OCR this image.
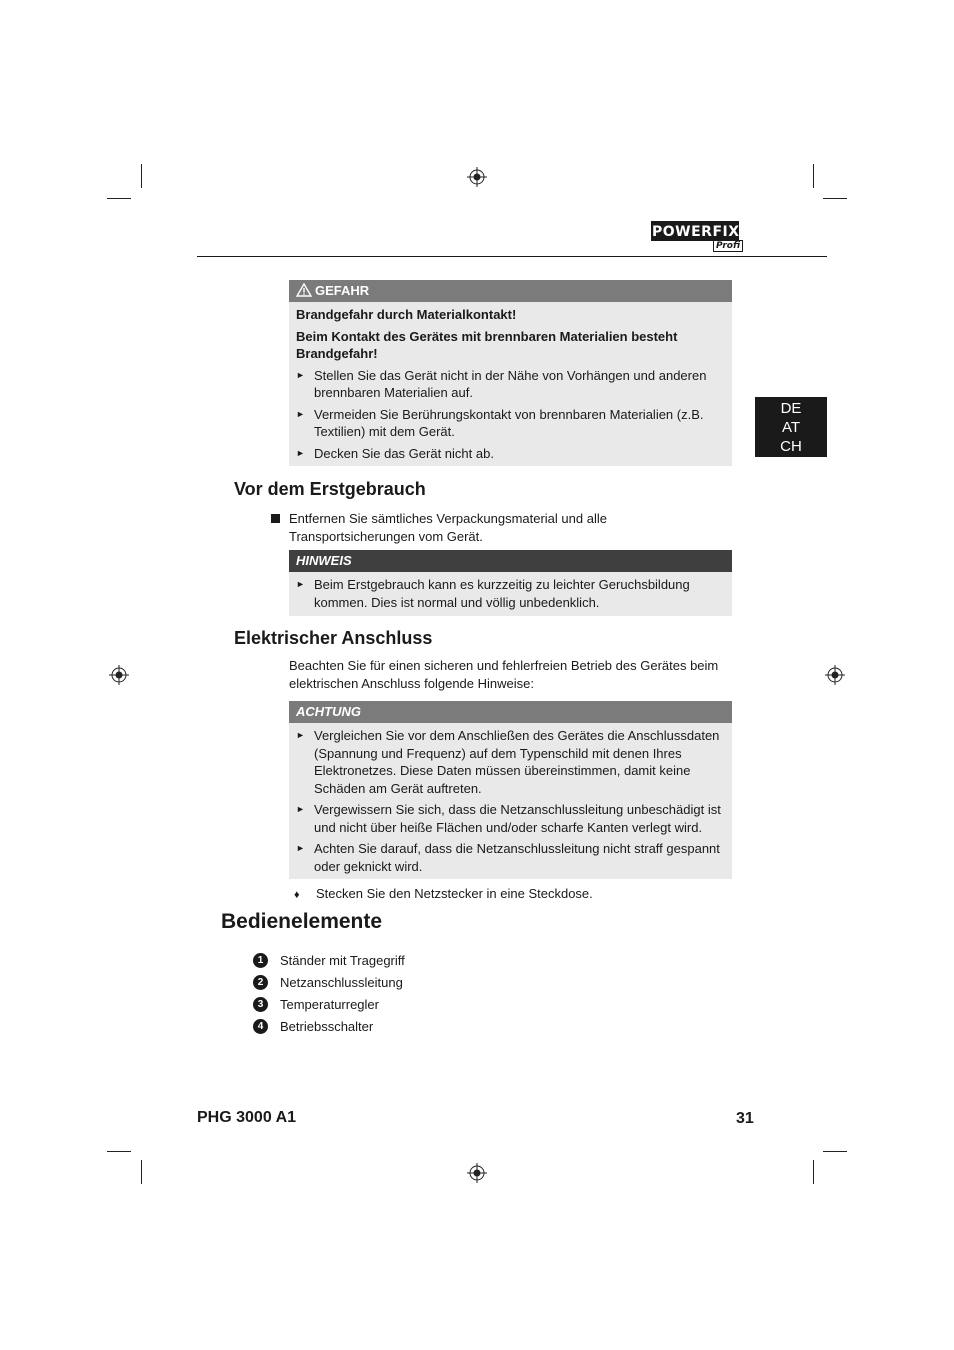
POWERFIX
Profi
DE
AT
CH
GEFAHR

Brandgefahr durch Materialkontakt!

Beim Kontakt des Gerätes mit brennbaren Materialien besteht Brandgefahr!

► Stellen Sie das Gerät nicht in der Nähe von Vorhängen und anderen brennbaren Materialien auf.
► Vermeiden Sie Berührungskontakt von brennbaren Materialien (z.B. Textilien) mit dem Gerät.
► Decken Sie das Gerät nicht ab.
Vor dem Erstgebrauch
Entfernen Sie sämtliches Verpackungsmaterial und alle Transportsicherungen vom Gerät.
HINWEIS
► Beim Erstgebrauch kann es kurzzeitig zu leichter Geruchsbildung kommen. Dies ist normal und völlig unbedenklich.
Elektrischer Anschluss

Beachten Sie für einen sicheren und fehlerfreien Betrieb des Gerätes beim elektrischen Anschluss folgende Hinweise:

ACHTUNG
► Vergleichen Sie vor dem Anschließen des Gerätes die Anschlussdaten (Spannung und Frequenz) auf dem Typenschild mit denen Ihres Elektronetzes. Diese Daten müssen übereinstimmen, damit keine Schäden am Gerät auftreten.
► Vergewissern Sie sich, dass die Netzanschlussleitung unbeschädigt ist und nicht über heiße Flächen und/oder scharfe Kanten verlegt wird.
► Achten Sie darauf, dass die Netzanschlussleitung nicht straff gespannt oder geknickt wird.
♦ Stecken Sie den Netzstecker in eine Steckdose.
Bedienelemente
1	Ständer mit Tragegriff
2	Netzanschlussleitung
3	Temperaturregler
4	Betriebsschalter
PHG 3000 A1	31
